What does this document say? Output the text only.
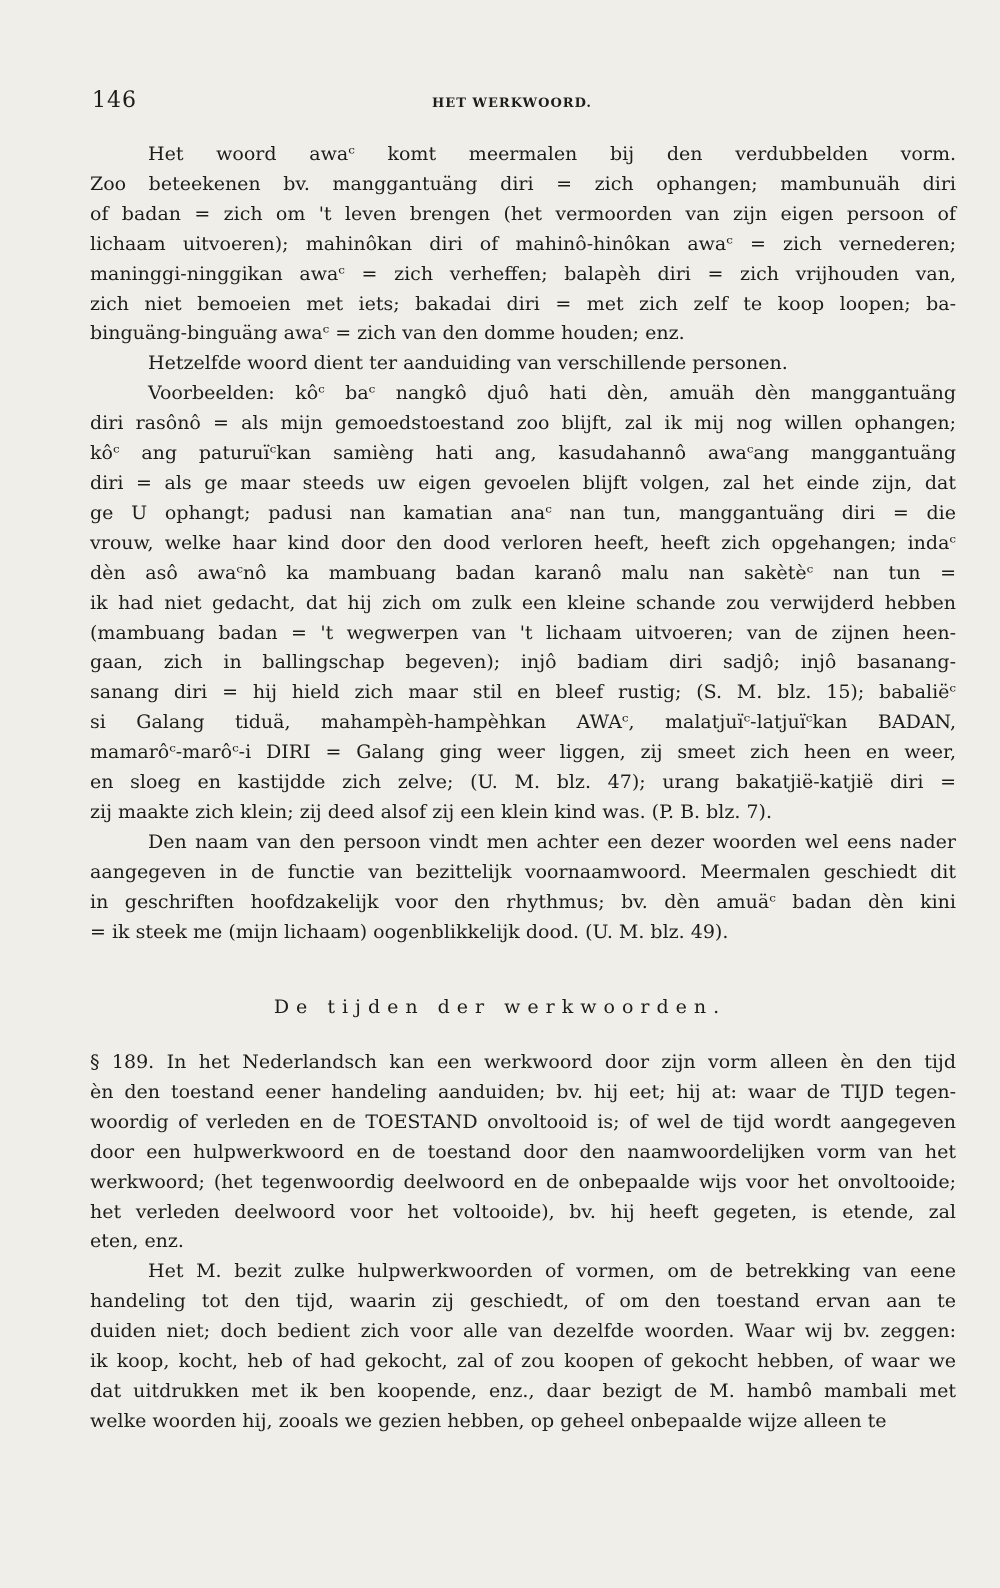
146	HET WERKWOORD.
Het woord awaᶜ komt meermalen bij den verdubbelden vorm.
Zoo beteekenen bv. manggantuäng diri = zich ophangen; mambunuäh diri
of badan = zich om 't leven brengen (het vermoorden van zijn eigen persoon of
lichaam uitvoeren); mahinôkan diri of mahinô-hinôkan awaᶜ = zich vernederen;
maninggi-ninggikan awaᶜ = zich verheffen; balapèh diri = zich vrijhouden van,
zich niet bemoeien met iets; bakadai diri = met zich zelf te koop loopen; ba-
binguäng-binguäng awaᶜ = zich van den domme houden; enz.
Hetzelfde woord dient ter aanduiding van verschillende personen.
Voorbeelden: kôᶜ baᶜ nangkô djuô hati dèn, amuäh dèn manggantuäng
diri rasônô = als mijn gemoedstoestand zoo blijft, zal ik mij nog willen ophangen;
kôᶜ ang paturuïᶜkan samièng hati ang, kasudahannô awaᶜang manggantuäng
diri = als ge maar steeds uw eigen gevoelen blijft volgen, zal het einde zijn, dat
ge U ophangt; padusi nan kamatian anaᶜ nan tun, manggantuäng diri = die
vrouw, welke haar kind door den dood verloren heeft, heeft zich opgehangen; indaᶜ
dèn asô awaᶜnô ka mambuang badan karanô malu nan sakètèᶜ nan tun =
ik had niet gedacht, dat hij zich om zulk een kleine schande zou verwijderd hebben
(mambuang badan = 't wegwerpen van 't lichaam uitvoeren; van de zijnen heen-
gaan, zich in ballingschap begeven); injô badiam diri sadjô; injô basanang-
sanang diri = hij hield zich maar stil en bleef rustig; (S. M. blz. 15); babaliëᶜ
si Galang tiduä, mahampèh-hampèhkan AWAᶜ, malatjuïᶜ-latjuïᶜkan BADAN,
mamarôᶜ-marôᶜ-i DIRI = Galang ging weer liggen, zij smeet zich heen en weer,
en sloeg en kastijdde zich zelve; (U. M. blz. 47); urang bakatjië-katjië diri =
zij maakte zich klein; zij deed alsof zij een klein kind was. (P. B. blz. 7).
Den naam van den persoon vindt men achter een dezer woorden wel eens nader
aangegeven in de functie van bezittelijk voornaamwoord. Meermalen geschiedt dit
in geschriften hoofdzakelijk voor den rhythmus; bv. dèn amuäᶜ badan dèn kini
= ik steek me (mijn lichaam) oogenblikkelijk dood. (U. M. blz. 49).
De tijden der werkwoorden.
§ 189. In het Nederlandsch kan een werkwoord door zijn vorm alleen èn den tijd
èn den toestand eener handeling aanduiden; bv. hij eet; hij at: waar de TIJD tegen-
woordig of verleden en de TOESTAND onvoltooid is; of wel de tijd wordt aangegeven
door een hulpwerkwoord en de toestand door den naamwoordelijken vorm van het
werkwoord; (het tegenwoordig deelwoord en de onbepaalde wijs voor het onvoltooide;
het verleden deelwoord voor het voltooide), bv. hij heeft gegeten, is etende, zal
eten, enz.
Het M. bezit zulke hulpwerkwoorden of vormen, om de betrekking van eene
handeling tot den tijd, waarin zij geschiedt, of om den toestand ervan aan te
duiden niet; doch bedient zich voor alle van dezelfde woorden. Waar wij bv. zeggen:
ik koop, kocht, heb of had gekocht, zal of zou koopen of gekocht hebben, of waar we
dat uitdrukken met ik ben koopende, enz., daar bezigt de M. hambô mambali met
welke woorden hij, zooals we gezien hebben, op geheel onbepaalde wijze alleen te
